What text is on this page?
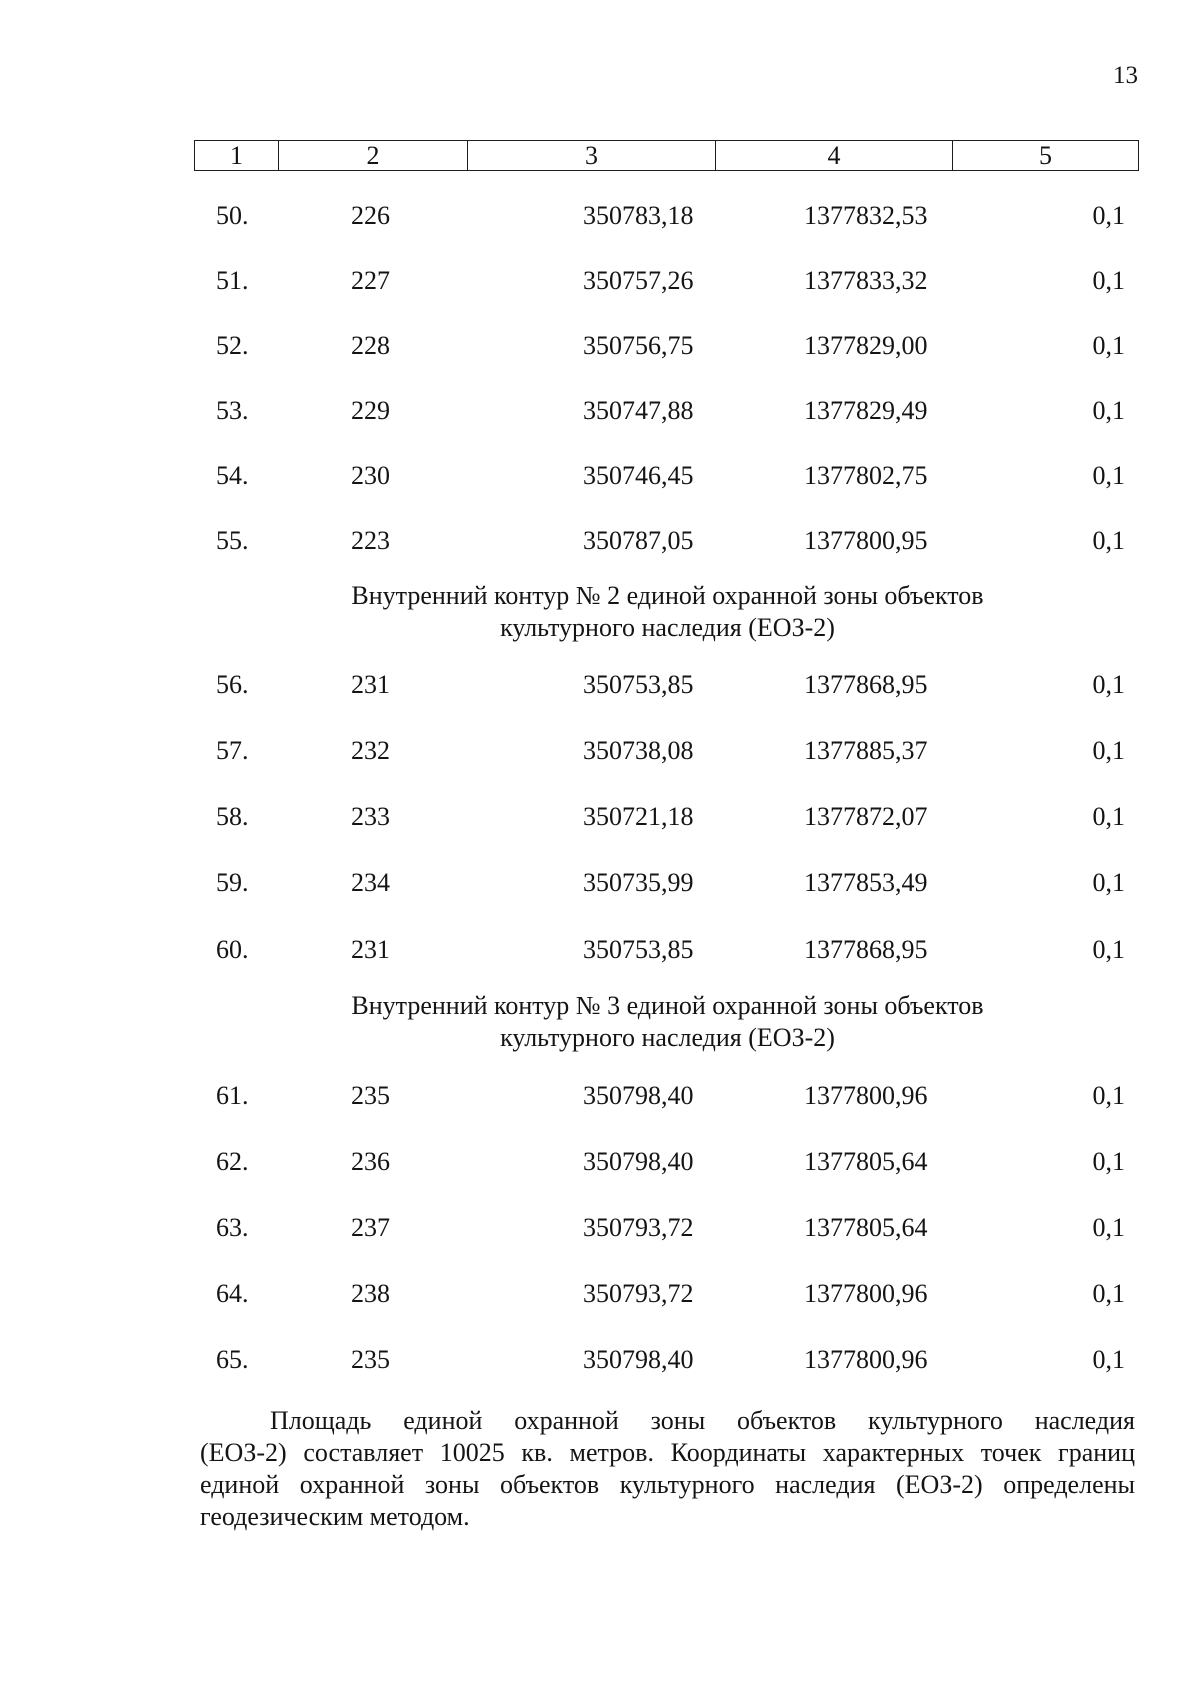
13
1	2	3	4	5
50.	226	350783,18	1377832,53	0,1
51.	227	350757,26	1377833,32	0,1
52.	228	350756,75	1377829,00	0,1
53.	229	350747,88	1377829,49	0,1
54.	230	350746,45	1377802,75	0,1
55.	223	350787,05	1377800,95	0,1
Внутренний контур № 2 единой охранной зоны объектов
культурного наследия (ЕОЗ-2)
56.	231	350753,85	1377868,95	0,1
57.	232	350738,08	1377885,37	0,1
58.	233	350721,18	1377872,07	0,1
59.	234	350735,99	1377853,49	0,1
60.	231	350753,85	1377868,95	0,1
Внутренний контур № 3 единой охранной зоны объектов
культурного наследия (ЕОЗ-2)
61.	235	350798,40	1377800,96	0,1
62.	236	350798,40	1377805,64	0,1
63.	237	350793,72	1377805,64	0,1
64.	238	350793,72	1377800,96	0,1
65.	235	350798,40	1377800,96	0,1
Площадь единой охранной зоны объектов культурного наследия
(ЕОЗ-2) составляет 10025 кв. метров. Координаты характерных точек границ
единой охранной зоны объектов культурного наследия (ЕОЗ-2) определены
геодезическим методом.
